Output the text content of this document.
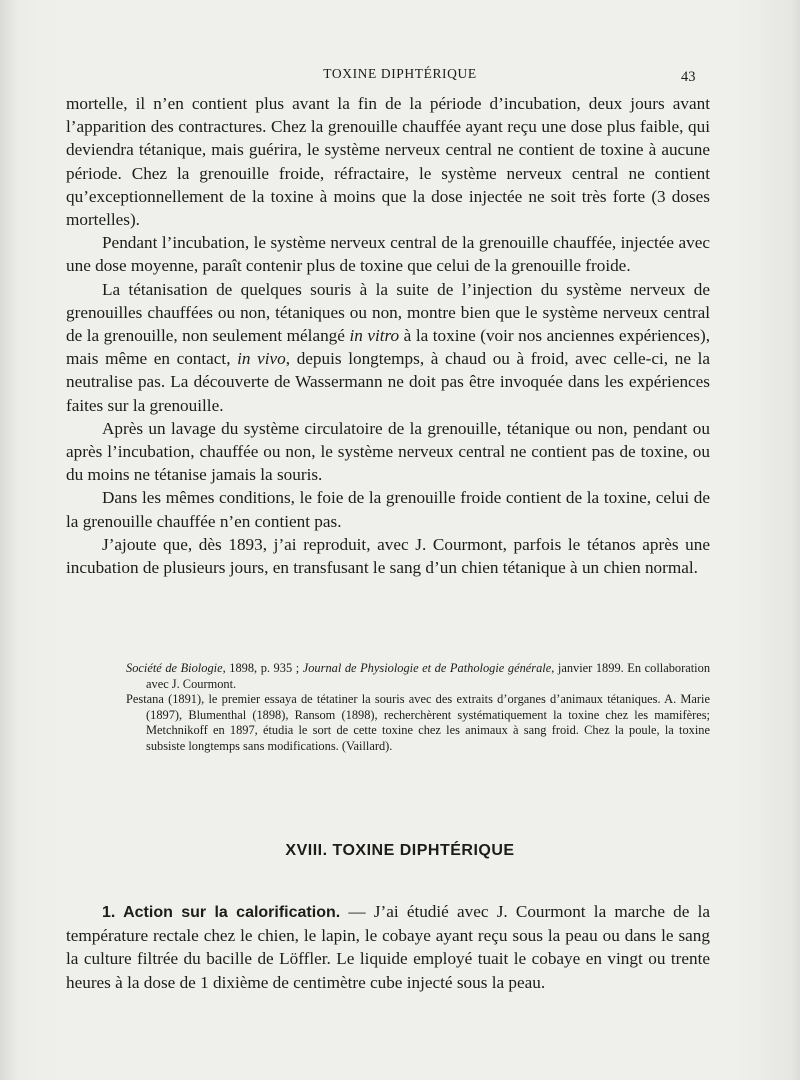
TOXINE DIPHTÉRIQUE	43

mortelle, il n’en contient plus avant la fin de la période d’incubation, deux jours avant l’apparition des contractures. Chez la grenouille chauffée ayant reçu une dose plus faible, qui deviendra tétanique, mais guérira, le système nerveux central ne contient de toxine à aucune période. Chez la grenouille froide, réfractaire, le système nerveux central ne contient qu’exceptionnellement de la toxine à moins que la dose injectée ne soit très forte (3 doses mortelles).

Pendant l’incubation, le système nerveux central de la grenouille chauffée, injectée avec une dose moyenne, paraît contenir plus de toxine que celui de la grenouille froide.

La tétanisation de quelques souris à la suite de l’injection du système nerveux de grenouilles chauffées ou non, tétaniques ou non, montre bien que le système nerveux central de la grenouille, non seulement mélangé in vitro à la toxine (voir nos anciennes expériences), mais même en contact, in vivo, depuis longtemps, à chaud ou à froid, avec celle-ci, ne la neutralise pas. La découverte de Wassermann ne doit pas être invoquée dans les expériences faites sur la grenouille.

Après un lavage du système circulatoire de la grenouille, tétanique ou non, pendant ou après l’incubation, chauffée ou non, le système nerveux central ne contient pas de toxine, ou du moins ne tétanise jamais la souris.

Dans les mêmes conditions, le foie de la grenouille froide contient de la toxine, celui de la grenouille chauffée n’en contient pas.

J’ajoute que, dès 1893, j’ai reproduit, avec J. Courmont, parfois le tétanos après une incubation de plusieurs jours, en transfusant le sang d’un chien tétanique à un chien normal.

Société de Biologie, 1898, p. 935 ; Journal de Physiologie et de Pathologie générale, janvier 1899. En collaboration avec J. Courmont.

Pestana (1891), le premier essaya de tétatiner la souris avec des extraits d’organes d’animaux tétaniques. A. Marie (1897), Blumenthal (1898), Ransom (1898), recherchèrent systématiquement la toxine chez les mamifères; Metchnikoff en 1897, étudia le sort de cette toxine chez les animaux à sang froid. Chez la poule, la toxine subsiste longtemps sans modifications. (Vaillard).

XVIII. TOXINE DIPHTÉRIQUE

1. Action sur la calorification. — J’ai étudié avec J. Courmont la marche de la température rectale chez le chien, le lapin, le cobaye ayant reçu sous la peau ou dans le sang la culture filtrée du bacille de Löffler. Le liquide employé tuait le cobaye en vingt ou trente heures à la dose de 1 dixième de centimètre cube injecté sous la peau.
